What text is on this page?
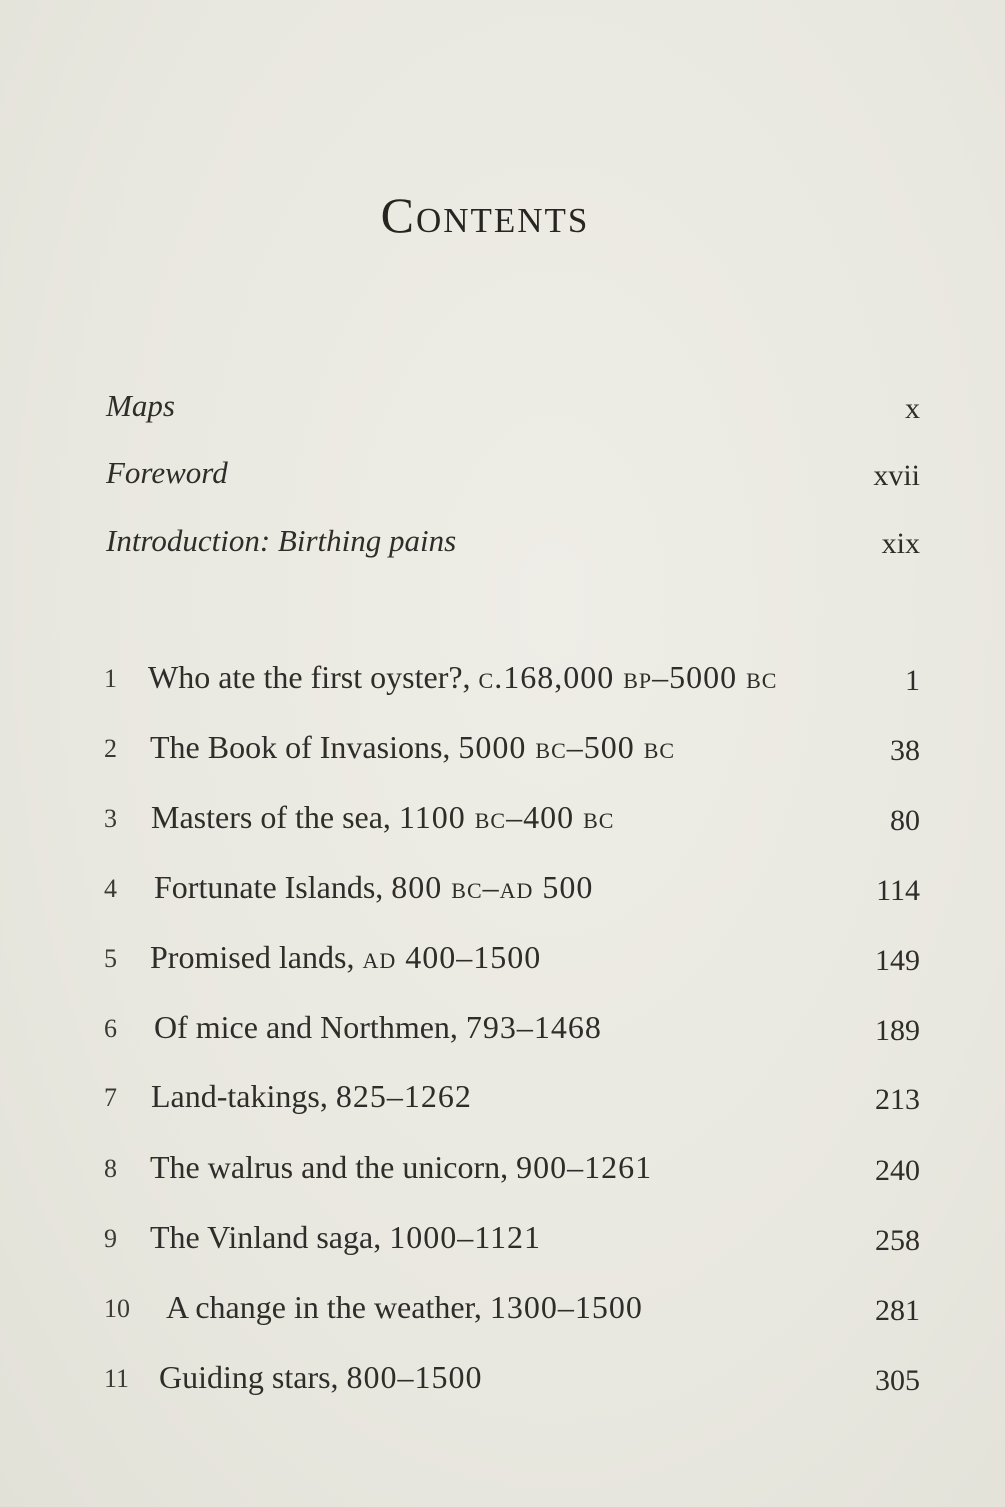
Contents
Maps	x
Foreword	xvii
Introduction: Birthing pains	xix
1 Who ate the first oyster?, c.168,000 bp–5000 bc	1
2 The Book of Invasions, 5000 bc–500 bc	38
3 Masters of the sea, 1100 bc–400 bc	80
4 Fortunate Islands, 800 bc–ad 500	114
5 Promised lands, ad 400–1500	149
6 Of mice and Northmen, 793–1468	189
7 Land-takings, 825–1262	213
8 The walrus and the unicorn, 900–1261	240
9 The Vinland saga, 1000–1121	258
10 A change in the weather, 1300–1500	281
11 Guiding stars, 800–1500	305
